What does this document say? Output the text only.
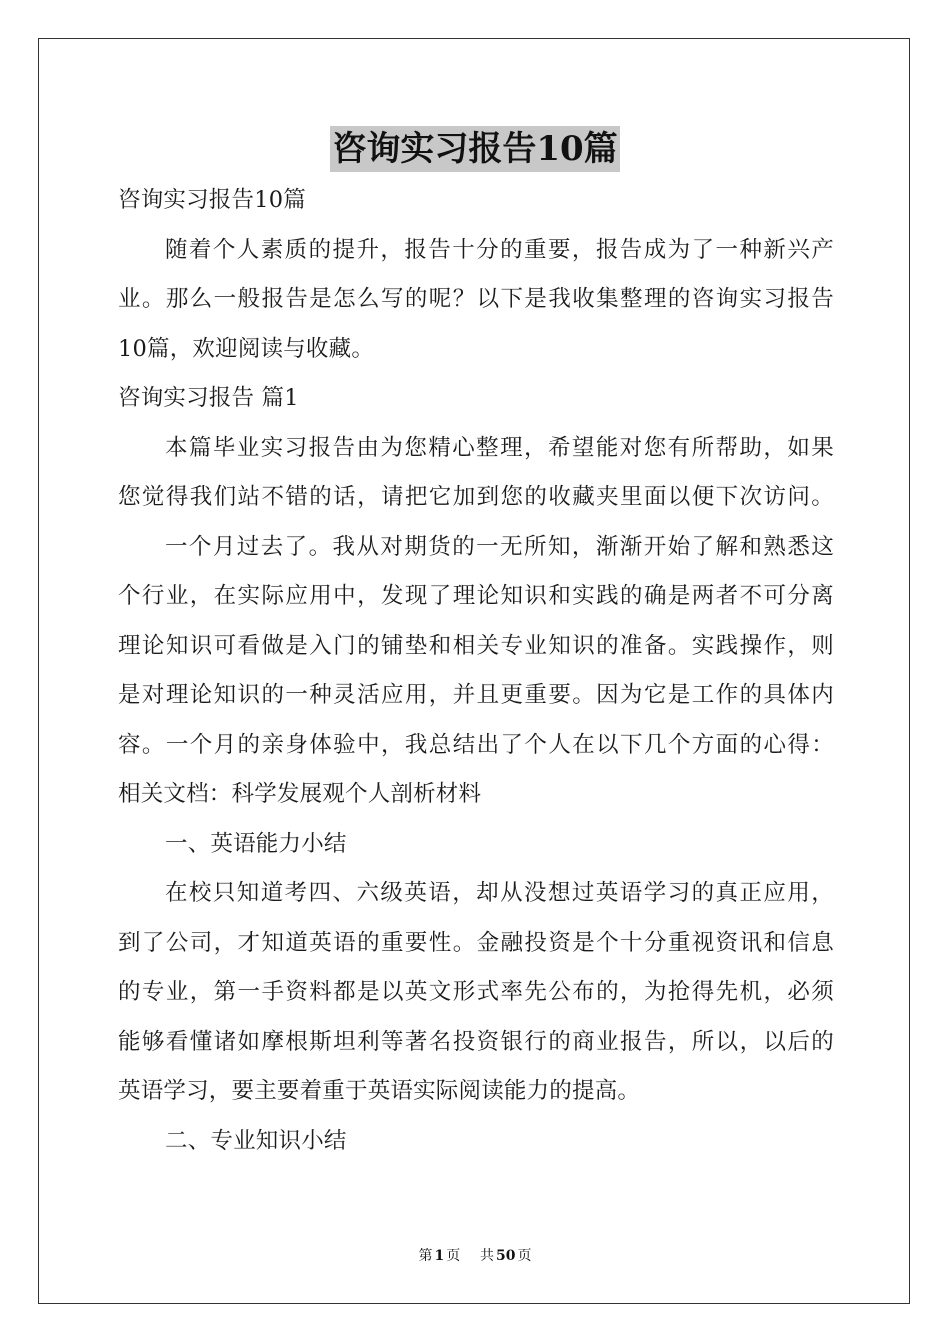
咨询实习报告10篇
咨询实习报告10篇
随着个人素质的提升，报告十分的重要，报告成为了一种新兴产
业。那么一般报告是怎么写的呢？以下是我收集整理的咨询实习报告
10篇，欢迎阅读与收藏。
咨询实习报告 篇1
本篇毕业实习报告由为您精心整理，希望能对您有所帮助，如果
您觉得我们站不错的话，请把它加到您的收藏夹里面以便下次访问。
一个月过去了。我从对期货的一无所知，渐渐开始了解和熟悉这
个行业，在实际应用中，发现了理论知识和实践的确是两者不可分离
理论知识可看做是入门的铺垫和相关专业知识的准备。实践操作，则
是对理论知识的一种灵活应用，并且更重要。因为它是工作的具体内
容。一个月的亲身体验中，我总结出了个人在以下几个方面的心得：
相关文档：科学发展观个人剖析材料
一、英语能力小结
在校只知道考四、六级英语，却从没想过英语学习的真正应用，
到了公司，才知道英语的重要性。金融投资是个十分重视资讯和信息
的专业，第一手资料都是以英文形式率先公布的，为抢得先机，必须
能够看懂诸如摩根斯坦利等著名投资银行的商业报告，所以，以后的
英语学习，要主要着重于英语实际阅读能力的提高。
二、专业知识小结
第 1 页 共 50 页
